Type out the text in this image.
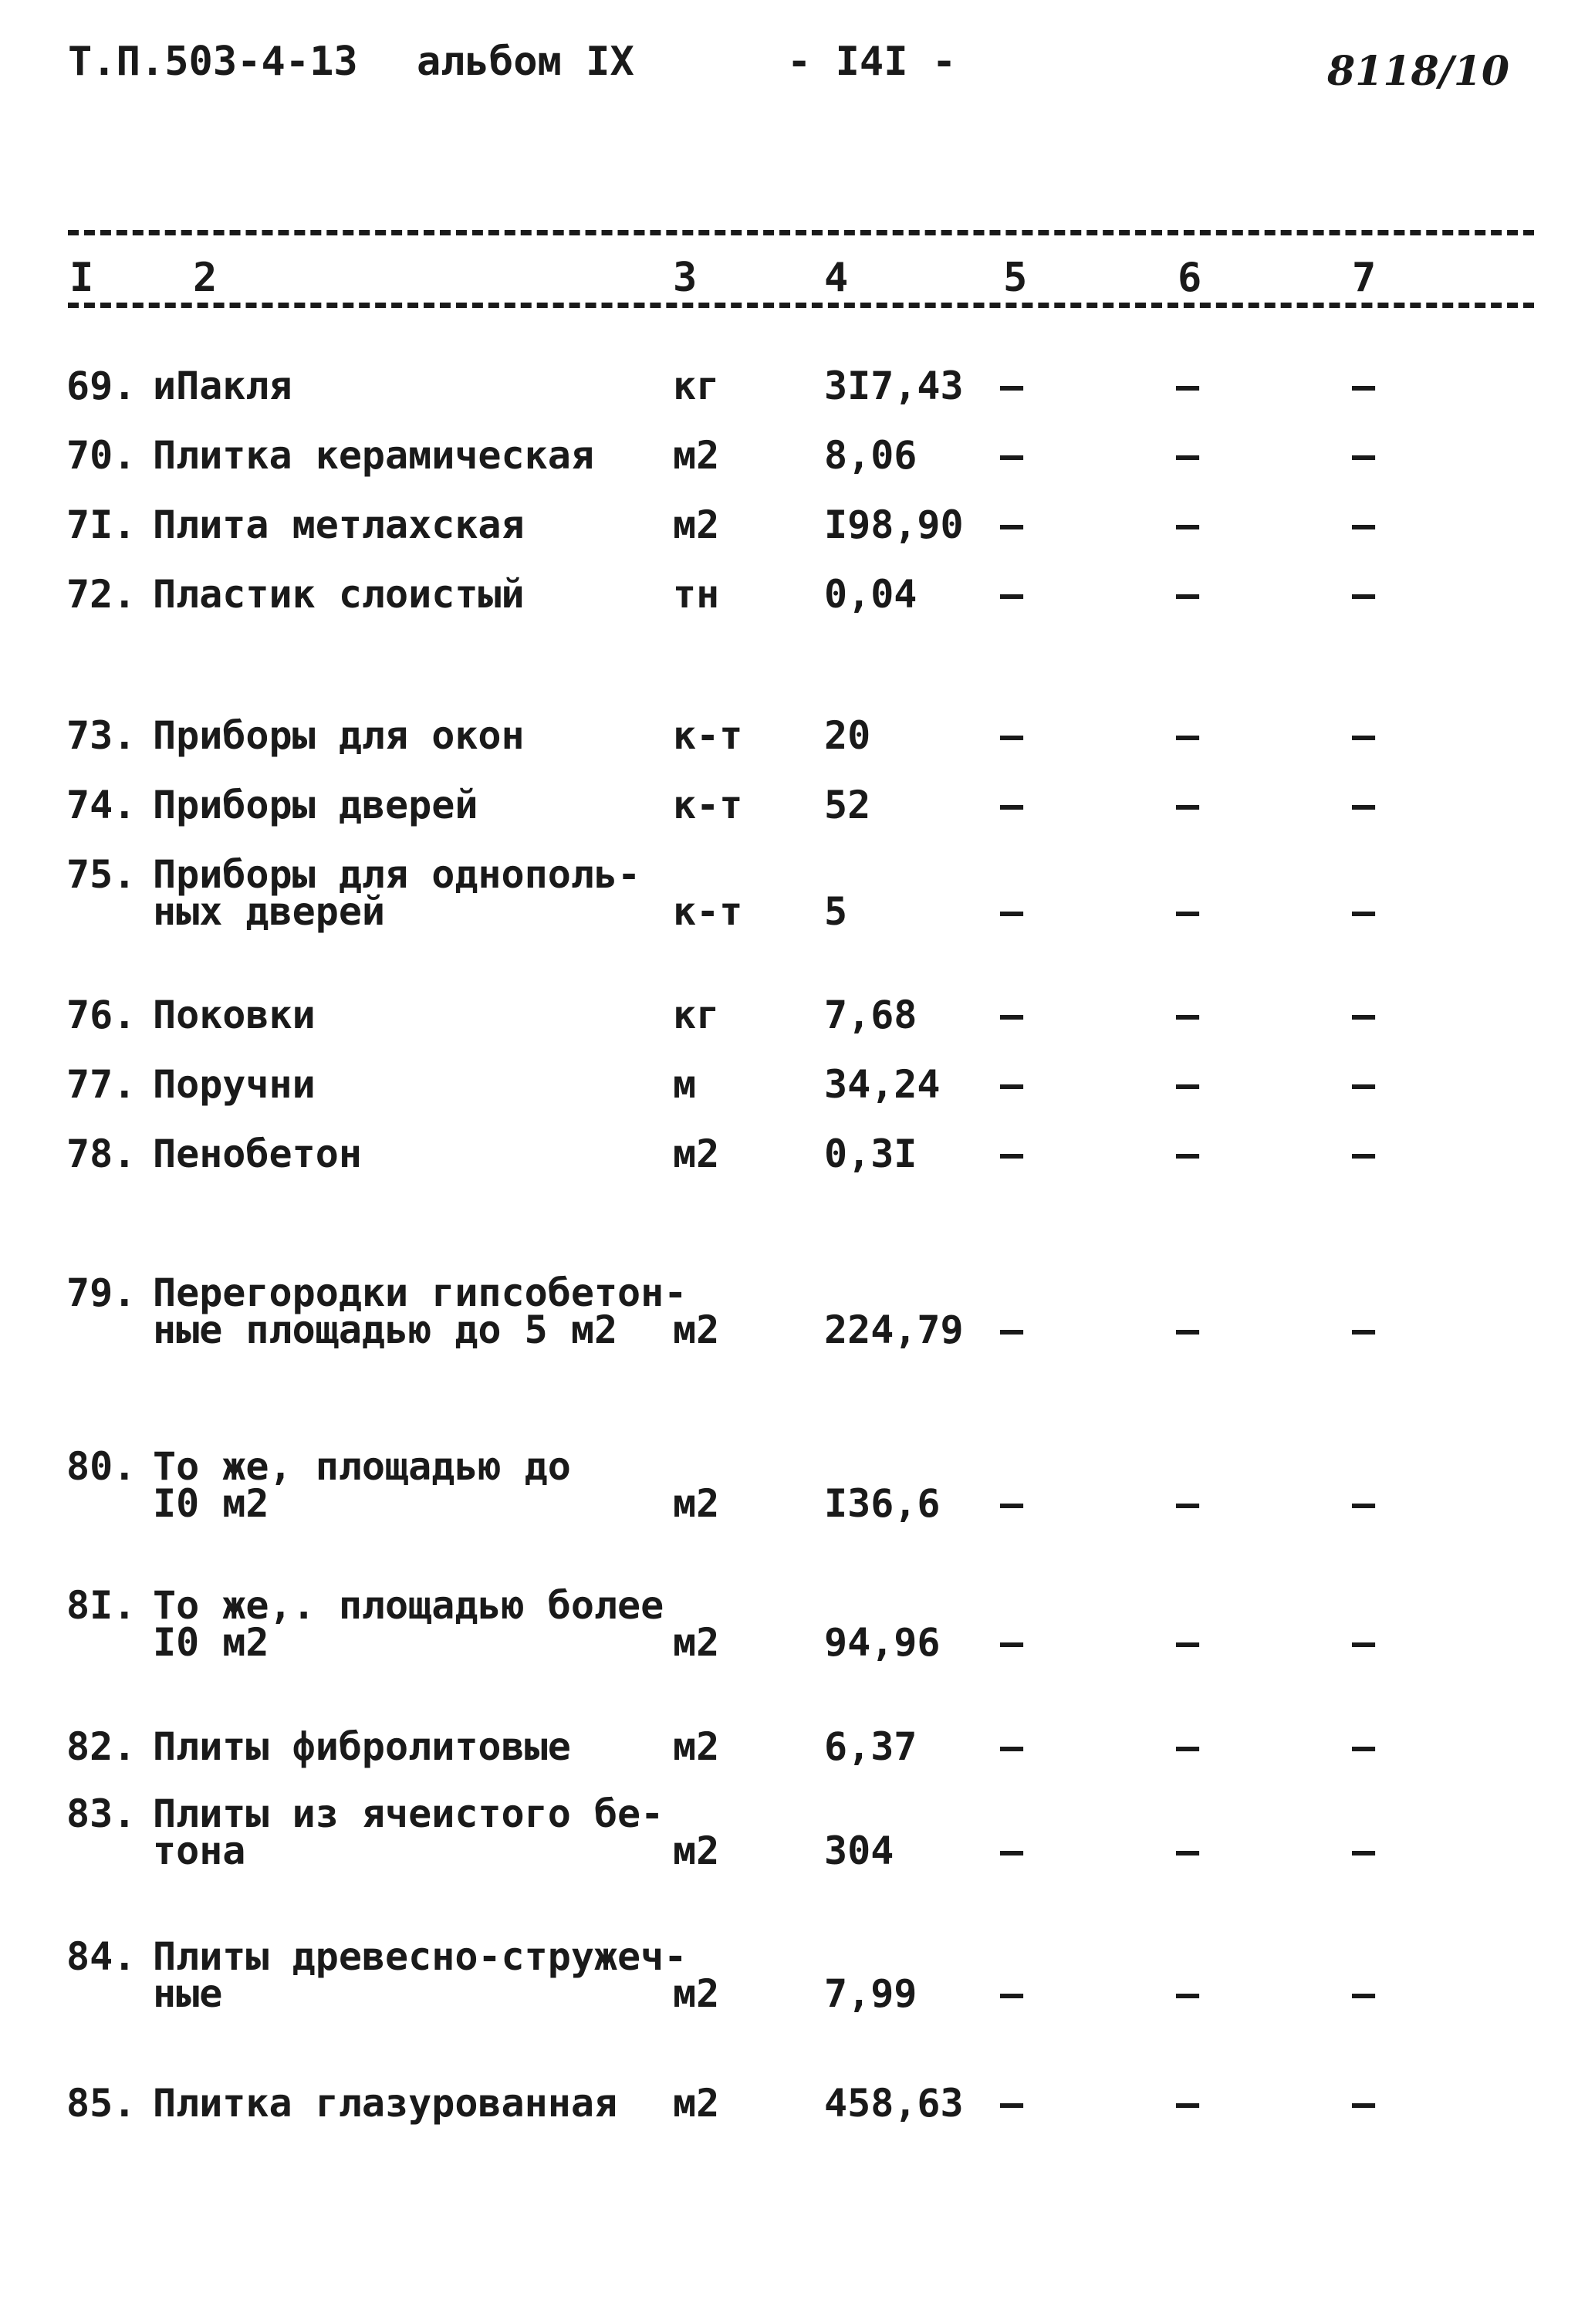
Т.П.503-4-13 альбом IX	- I4I -	8118/10
I 2	3	4	5	6	7
69. иПакля	кг	3I7,43 –	–	–
70. Плитка керамическая м2	8,06 –	–	–
7I. Плита метлахская	м2	I98,90 –	–	–
72. Пластик слоистый	тн	0,04 –	–	–
73. Приборы для окон	к-т 20	–	–	–
74. Приборы дверей	к-т 52	–	–	–
75. Приборы для однополь-
ных дверей	к-т 5	–	–	–
76. Поковки	кг	7,68 –	–	–
77. Поручни	м	34,24 –	–	–
78. Пенобетон	м2	0,3I –	–	–
79. Перегородки гипсобетон-
ные площадью до 5 м2 м2	224,79 –	–	–
80. То же, площадью до
I0 м2	м2	I36,6 –	–	–
8I. То же,. площадью более
I0 м2	м2	94,96 –	–	–
82. Плиты фибролитовые	м2	6,37 –	–	–
83. Плиты из ячеистого бе-
тона	м2	304	–	–	–
84. Плиты древесно-стружеч-
ные	м2	7,99 –	–	–
85. Плитка глазурованная м2	458,63 –	–	–
